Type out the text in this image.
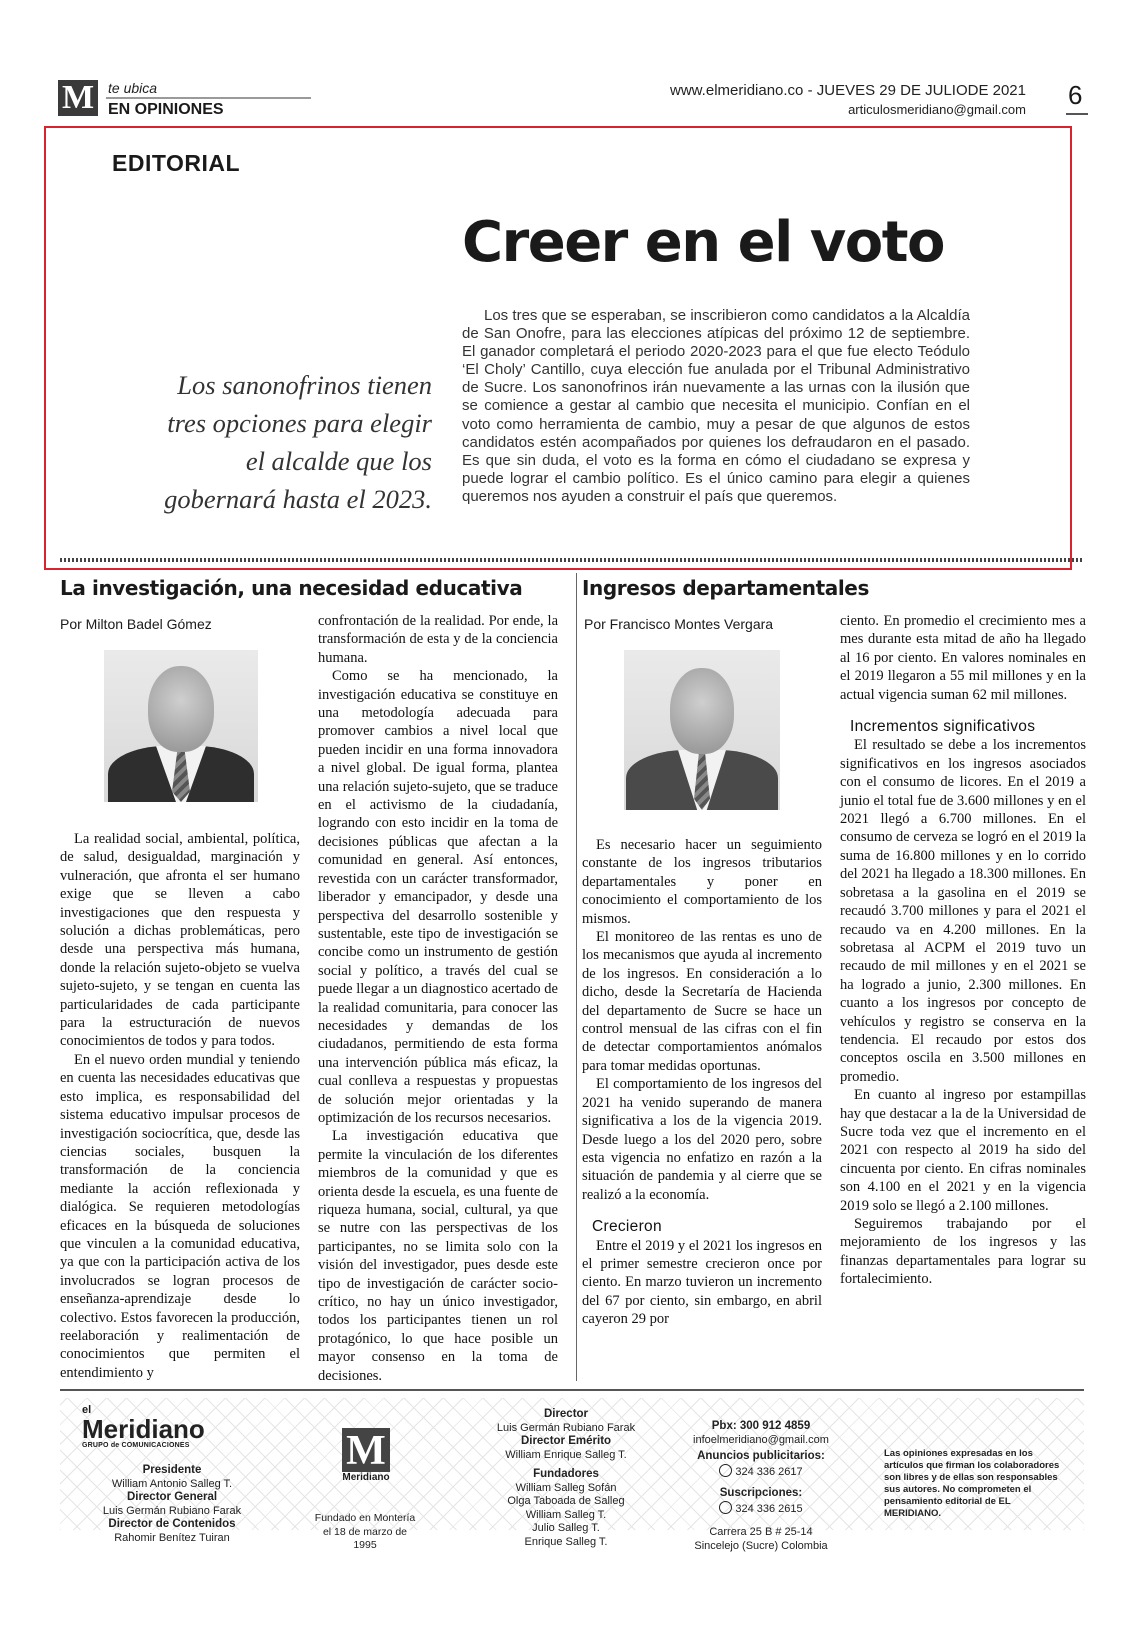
M te ubica
EN OPINIONES
www.elmeridiano.co - JUEVES 29 DE JULIODE 2021
articulosmeridiano@gmail.com 6
EDITORIAL
Creer en el voto
Los sanonofrinos tienen tres opciones para elegir el alcalde que los gobernará hasta el 2023.
Los tres que se esperaban, se inscribieron como candidatos a la Alcaldía de San Onofre, para las elecciones atípicas del próximo 12 de septiembre. El ganador completará el periodo 2020-2023 para el que fue electo Teódulo ‘El Choly’ Cantillo, cuya elección fue anulada por el Tribunal Administrativo de Sucre. Los sanonofrinos irán nuevamente a las urnas con la ilusión que se comience a gestar al cambio que necesita el municipio. Confían en el voto como herramienta de cambio, muy a pesar de que algunos de estos candidatos estén acompañados por quienes los defraudaron en el pasado. Es que sin duda, el voto es la forma en cómo el ciudadano se expresa y puede lograr el cambio político. Es el único camino para elegir a quienes queremos nos ayuden a construir el país que queremos.
La investigación, una necesidad educativa
Por Milton Badel Gómez

La realidad social, ambiental, política, de salud, desigualdad, marginación y vulneración, que afronta el ser humano exige que se lleven a cabo investigaciones que den respuesta y solución a dichas problemáticas, pero desde una perspectiva más humana, donde la relación sujeto-objeto se vuelva sujeto-sujeto, y se tengan en cuenta las particularidades de cada participante para la estructuración de nuevos conocimientos de todos y para todos.

En el nuevo orden mundial y teniendo en cuenta las necesidades educativas que esto implica, es responsabilidad del sistema educativo impulsar procesos de investigación sociocrítica, que, desde las ciencias sociales, busquen la transformación de la conciencia mediante la acción reflexionada y dialógica. Se requieren metodologías eficaces en la búsqueda de soluciones que vinculen a la comunidad educativa, ya que con la participación activa de los involucrados se logran procesos de enseñanza-aprendizaje desde lo colectivo. Estos favorecen la producción, reelaboración y realimentación de conocimientos que permiten el entendimiento y

confrontación de la realidad. Por ende, la transformación de esta y de la conciencia humana.

Como se ha mencionado, la investigación educativa se constituye en una metodología adecuada para promover cambios a nivel local que pueden incidir en una forma innovadora a nivel global. De igual forma, plantea una relación sujeto-sujeto, que se traduce en el activismo de la ciudadanía, logrando con esto incidir en la toma de decisiones públicas que afectan a la comunidad en general. Así entonces, revestida con un carácter transformador, liberador y emancipador, y desde una perspectiva del desarrollo sostenible y sustentable, este tipo de investigación se concibe como un instrumento de gestión social y político, a través del cual se puede llegar a un diagnostico acertado de la realidad comunitaria, para conocer las necesidades y demandas de los ciudadanos, permitiendo de esta forma una intervención pública más eficaz, la cual conlleva a respuestas y propuestas de solución mejor orientadas y la optimización de los recursos necesarios.

La investigación educativa que permite la vinculación de los diferentes miembros de la comunidad y que es orienta desde la escuela, es una fuente de riqueza humana, social, cultural, ya que se nutre con las perspectivas de los participantes, no se limita solo con la visión del investigador, pues desde este tipo de investigación de carácter socio-crítico, no hay un único investigador, todos los participantes tienen un rol protagónico, lo que hace posible un mayor consenso en la toma de decisiones.

Ingresos departamentales
Por Francisco Montes Vergara

Es necesario hacer un seguimiento constante de los ingresos tributarios departamentales y poner en conocimiento el comportamiento de los mismos.

El monitoreo de las rentas es uno de los mecanismos que ayuda al incremento de los ingresos. En consideración a lo dicho, desde la Secretaría de Hacienda del departamento de Sucre se hace un control mensual de las cifras con el fin de detectar comportamientos anómalos para tomar medidas oportunas.

El comportamiento de los ingresos del 2021 ha venido superando de manera significativa a los de la vigencia 2019. Desde luego a los del 2020 pero, sobre esta vigencia no enfatizo en razón a la situación de pandemia y al cierre que se realizó a la economía.

Crecieron

Entre el 2019 y el 2021 los ingresos en el primer semestre crecieron once por ciento. En marzo tuvieron un incremento del 67 por ciento, sin embargo, en abril cayeron 29 por

ciento. En promedio el crecimiento mes a mes durante esta mitad de año ha llegado al 16 por ciento. En valores nominales en el 2019 llegaron a 55 mil millones y en la actual vigencia suman 62 mil millones.

Incrementos significativos

El resultado se debe a los incrementos significativos en los ingresos asociados con el consumo de licores. En el 2019 a junio el total fue de 3.600 millones y en el 2021 llegó a 6.700 millones. En el consumo de cerveza se logró en el 2019 la suma de 16.800 millones y en lo corrido del 2021 ha llegado a 18.300 millones. En sobretasa a la gasolina en el 2019 se recaudó 3.700 millones y para el 2021 el recaudo va en 4.200 millones. En la sobretasa al ACPM el 2019 tuvo un recaudo de mil millones y en el 2021 se ha logrado a junio, 2.300 millones. En cuanto a los ingresos por concepto de vehículos y registro se conserva en la tendencia. El recaudo por estos dos conceptos oscila en 3.500 millones en promedio.

En cuanto al ingreso por estampillas hay que destacar a la de la Universidad de Sucre toda vez que el incremento en el 2021 con respecto al 2019 ha sido del cincuenta por ciento. En cifras nominales son 4.100 en el 2021 y en la vigencia 2019 solo se llegó a 2.100 millones.

Seguiremos trabajando por el mejoramiento de los ingresos y las finanzas departamentales para lograr su fortalecimiento.

el
Meridiano
GRUPO de COMUNICACIONES
Presidente
William Antonio Salleg T.
Director General
Luis Germán Rubiano Farak
Director de Contenidos
Rahomir Benítez Tuiran
M
Meridiano
Fundado en Montería el 18 de marzo de 1995
Director
Luis Germán Rubiano Farak
Director Emérito
William Enrique Salleg T.
Fundadores
William Salleg Sofán
Olga Taboada de Salleg
William Salleg T.
Julio Salleg T.
Enrique Salleg T.
Pbx: 300 912 4859
infoelmeridiano@gmail.com
Anuncios publicitarios:
324 336 2617
Suscripciones:
324 336 2615
Carrera 25 B # 25-14
Sincelejo (Sucre) Colombia
Las opiniones expresadas en los artículos que firman los colaboradores son libres y de ellas son responsables sus autores. No comprometen el pensamiento editorial de EL MERIDIANO.
